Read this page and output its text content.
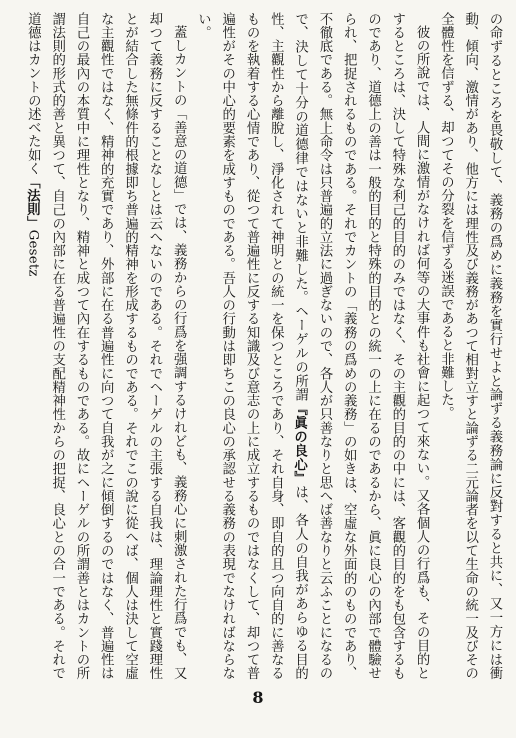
の命ずるところを畏敬して、義務の爲めに義務を實行せよと論ずる義務論に反對すると共に、又一方には衝動、傾向、激情があり、他方には理性及び義務があつて相對立すと論ずる二元論者を以て生命の統一及びその全體性を信ずる、却つてその分裂を信ずる迷誤であると非難した。

彼の所說では、人間に激情がなければ何等の大事件も社會に起つて來ない。又各個人の行爲も、その目的とするところは、決して特殊な利己的目的のみではなく、その主觀的目的の中には、客觀的目的をも包含するものであり、道德上の善は一般的目的と特殊的目的との統一の上に在るのであるから、眞に良心の內部で體驗せられ、把捉されるものである。それでカントの「義務の爲めの義務」の如きは、空虛な外面的のものであり、不徹底である。無上命令は只普遍的立法に過ぎないので、各人が只善なりと思へば善なりと云ふことになるので、決して十分の道德律ではないと非難した。ヘーゲルの所謂『眞の良心』は、各人の自我があらゆる目的性、主觀性から離脫し、淨化されて神明との統一を保つところであり、それ自身、即自的且つ向自的に善なるものを執着する心情であり、從つて普遍性に反する知識及び意志の上に成立するものではなくして、却つて普遍性がその中心的要素を成すものである。吾人の行動は即ちこの良心の承認せる義務の表現でなければならない。

蓋しカントの「善意の道德」では、義務からの行爲を强調するけれども、義務心に刺激された行爲でも、又却つて義務に反することなしとは云へないのである。それでヘーゲルの主張する自我は、理論理性と實踐理性とが結合した無條件的根據即ち普遍的精神を形成するものである。それでこの說に從へば、個人は決して空虛な主觀性ではなく、精神的充實であり、外部に在る普遍性に向つて自我が之に傾倒するのではなく、普遍性は自己の最內の本質中に理性となり、精神と成つて內在するものである。故にヘーゲルの所謂善とはカントの所謂法則的形式的善と異つて、自己の內部に在る普遍性の支配精神性からの把捉、良心との合一である。それで道德はカントの述べた如く「法則」Gesetz

8
